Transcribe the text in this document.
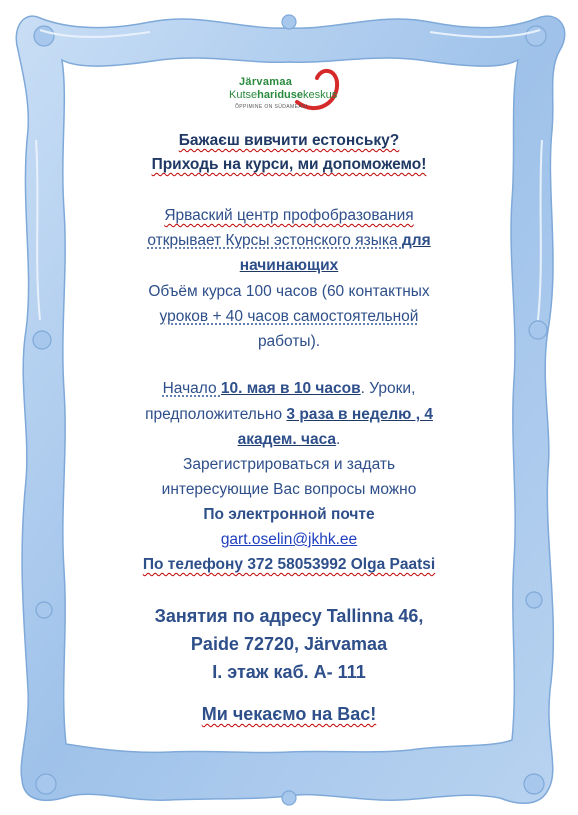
Järvamaa
Kutseharidusekeskus
ÕPPIMINE ON SÜDAMEASI
Бажаєш вивчити естонську?
Приходь на курси, ми допоможемо!
Ярваский центр профобразования
открывает Курсы эстонского языка для
начинающих
Объём курса 100 часов (60 контактных
уроков + 40 часов самостоятельной
работы).
Начало 10. мая в 10 часов. Уроки,
предположительно 3 раза в неделю , 4
академ. часа.
Зарегистрироваться и задать
интересующие Вас вопросы можно
По электронной почте
gart.oselin@jkhk.ee
По телефону 372 58053992 Olga Paatsi
Занятия по адресу Tallinna 46,
Paide 72720, Järvamaa
I. этаж каб. A- 111
Ми чекаємо на Вас!
